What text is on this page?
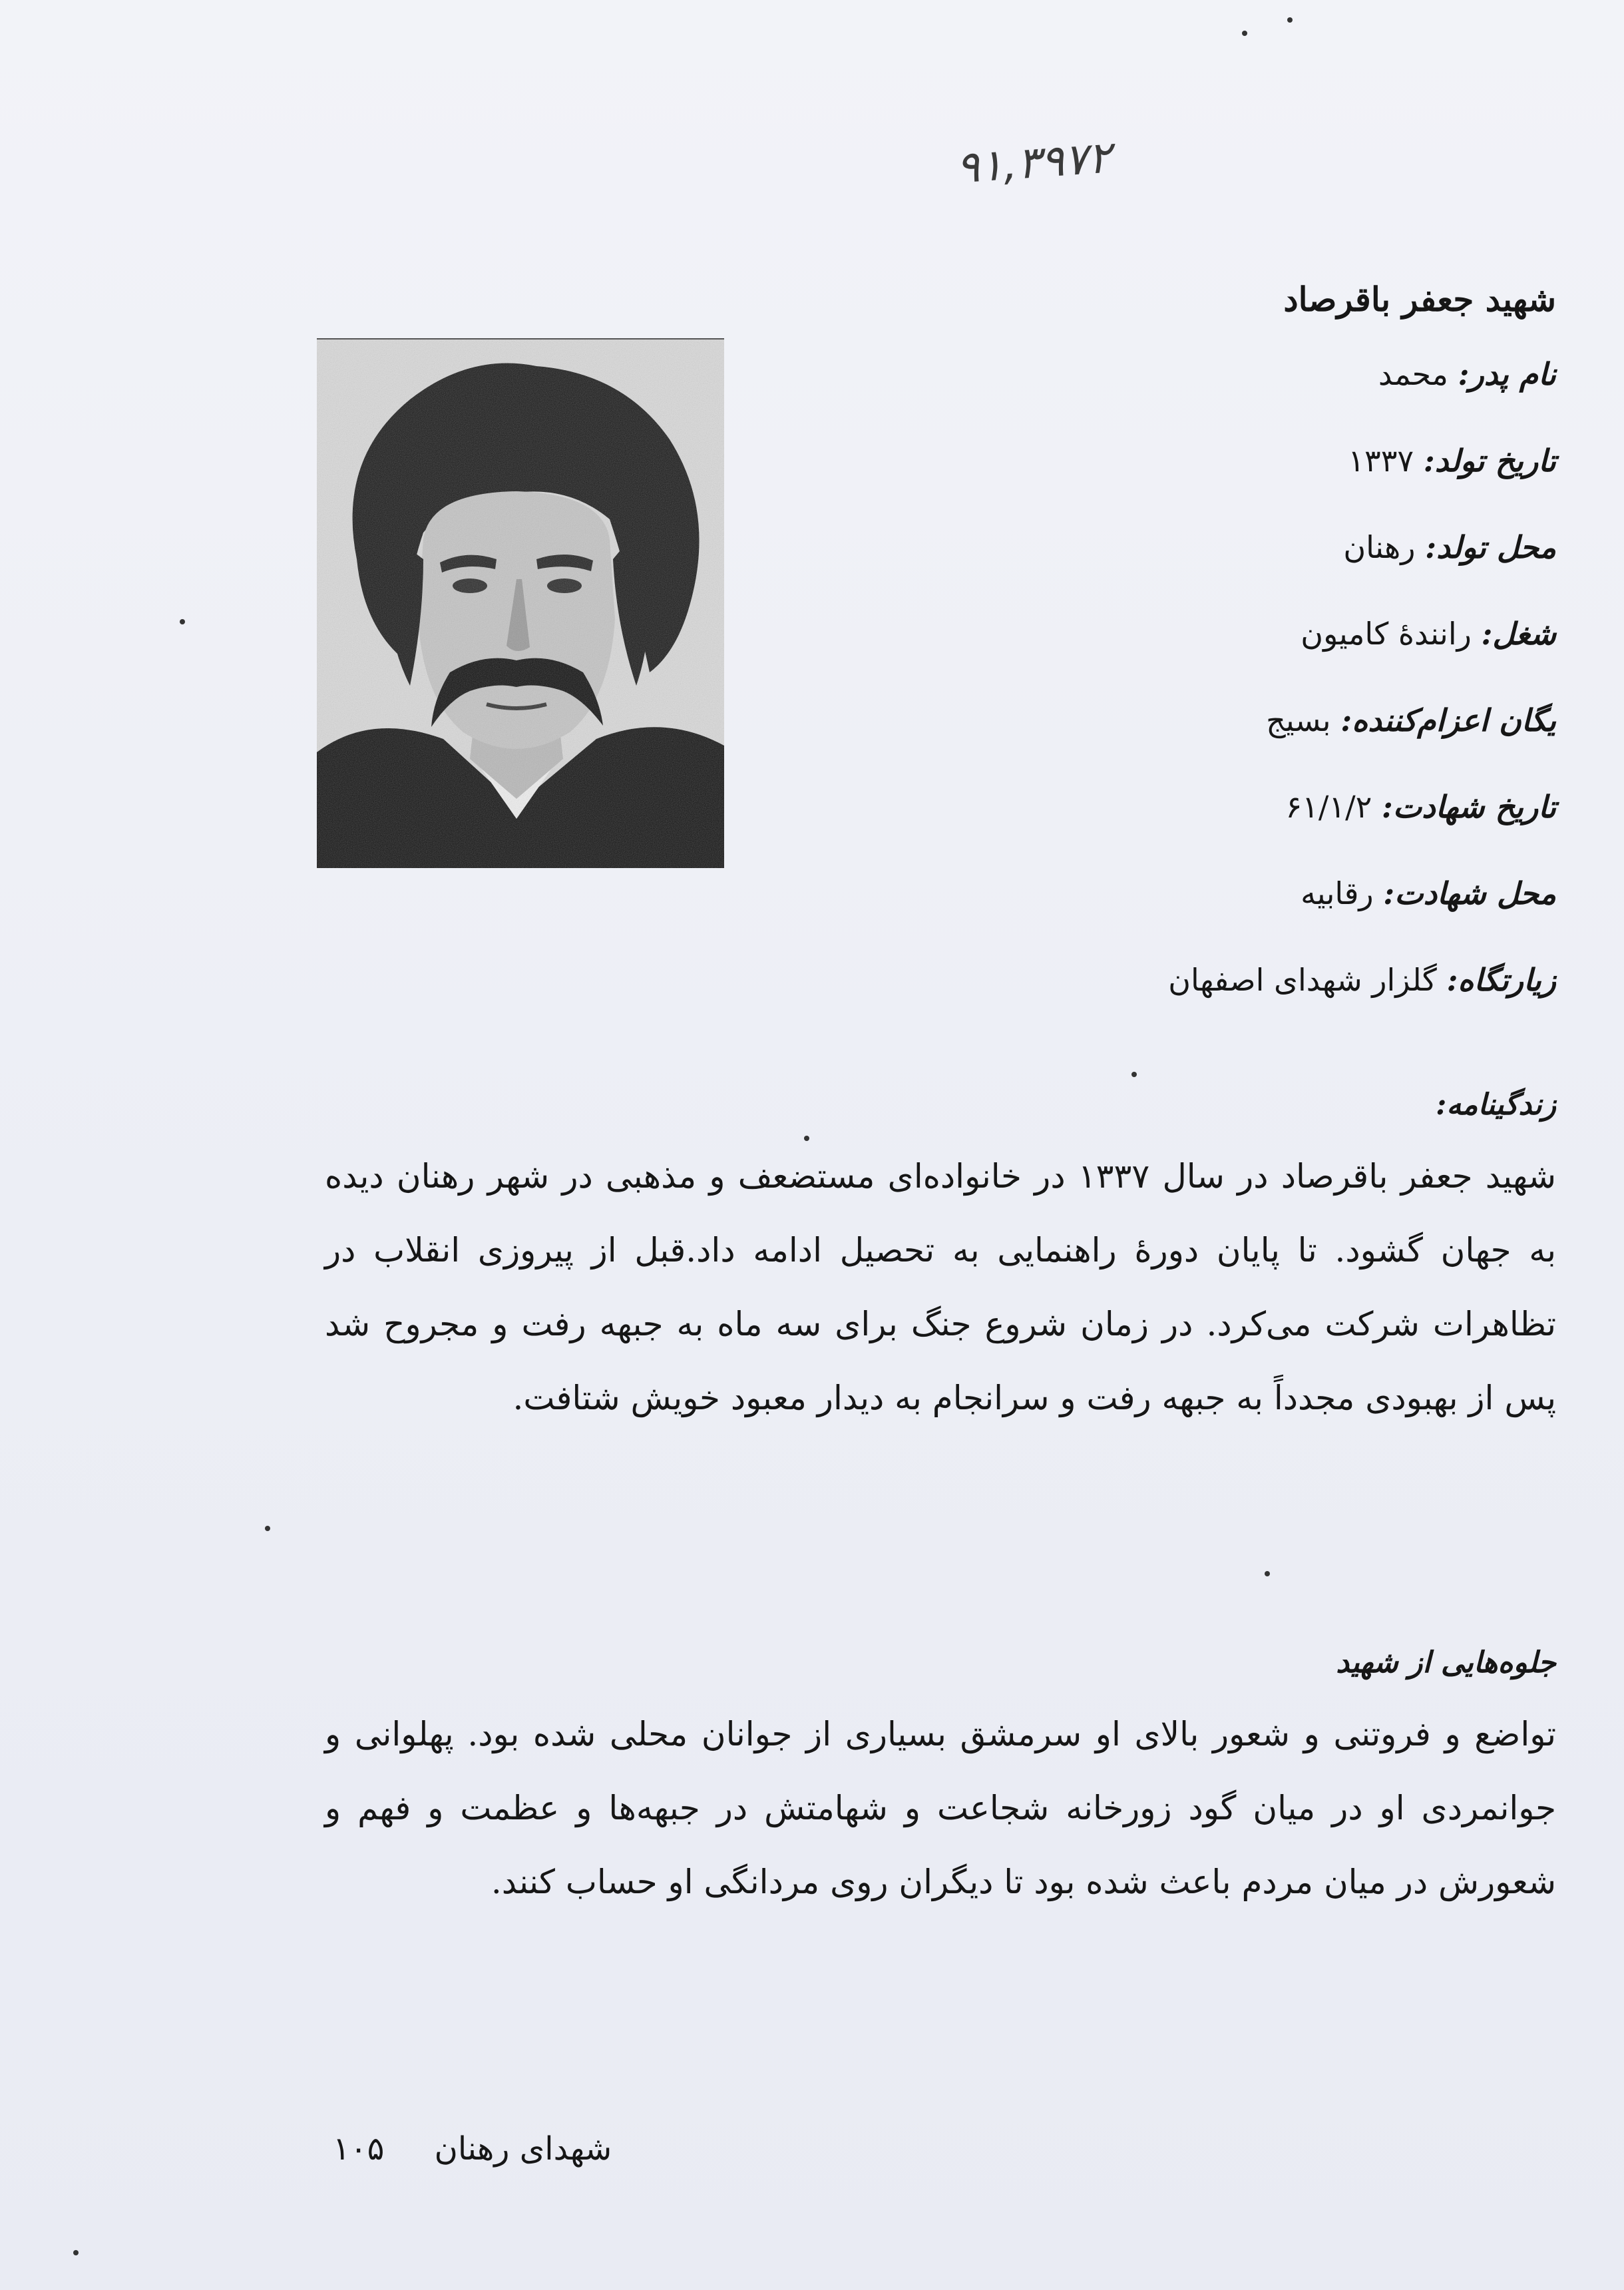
۹۱,۳۹۷۲
شهید جعفر باقرصاد
نام پدر: محمد
تاریخ تولد: ۱۳۳۷
محل تولد: رهنان
شغل: رانندهٔ کامیون
یگان اعزام‌کننده: بسیج
تاریخ شهادت: ۶۱/۱/۲
محل شهادت: رقابیه
زیارتگاه: گلزار شهدای اصفهان
زندگینامه:

شهید جعفر باقرصاد در سال ۱۳۳۷ در خانواده‌ای مستضعف و مذهبی در شهر رهنان دیده به جهان گشود. تا پایان دورهٔ راهنمایی به تحصیل ادامه داد.قبل از پیروزی انقلاب در تظاهرات شرکت می‌کرد. در زمان شروع جنگ برای سه ماه به جبهه رفت و مجروح شد پس از بهبودی مجدداً به جبهه رفت و سرانجام به دیدار معبود خویش شتافت.

جلوه‌هایی از شهید

تواضع و فروتنی و شعور بالای او سرمشق بسیاری از جوانان محلی شده بود. پهلوانی و جوانمردی او در میان گود زورخانه شجاعت و شهامتش در جبهه‌ها و عظمت و فهم و شعورش در میان مردم باعث شده بود تا دیگران روی مردانگی او حساب کنند.

شهدای رهنان ۱۰۵
